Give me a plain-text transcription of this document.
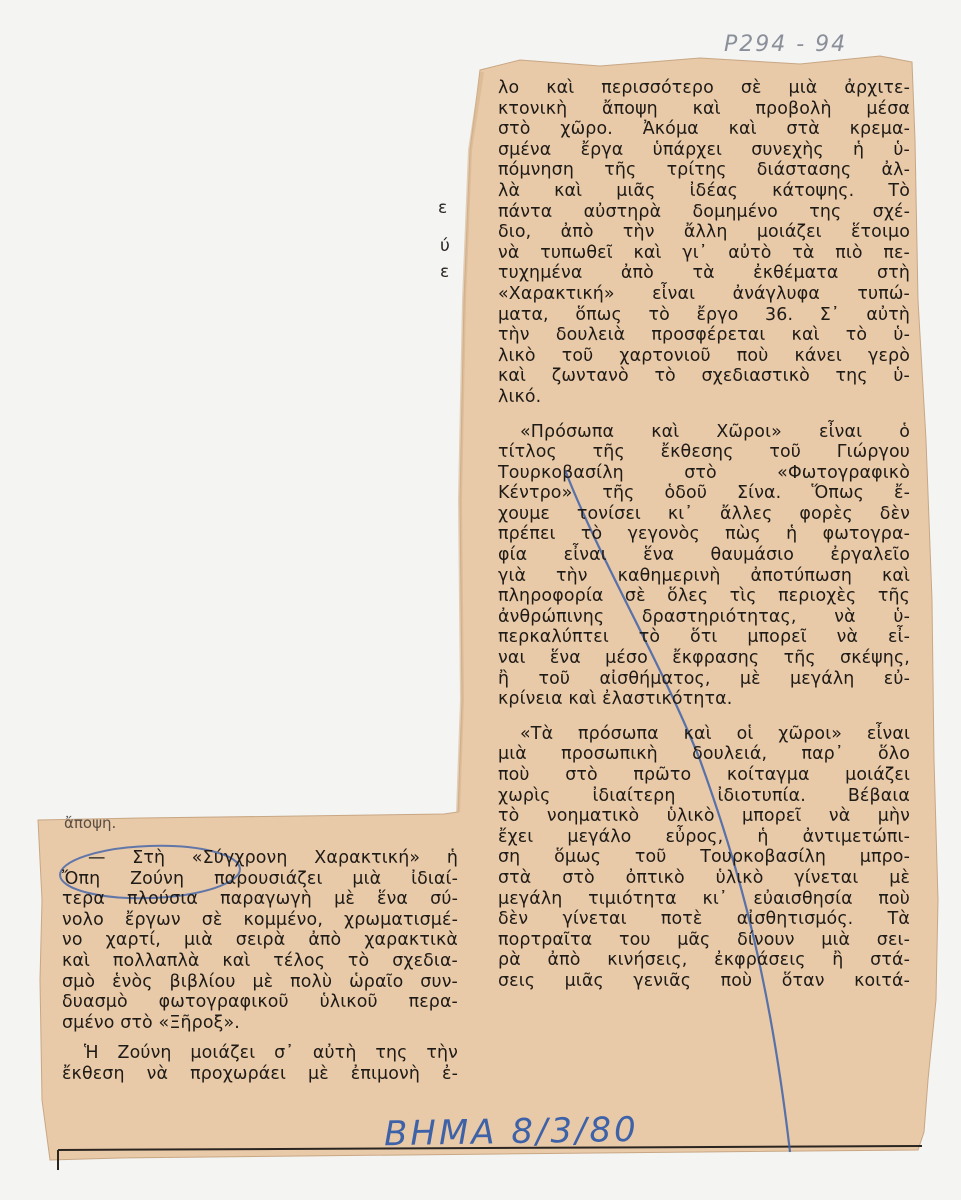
P294 - 94
ε
ύ
ε

λο καὶ περισσότερο σὲ μιὰ ἀρχιτε-

κτονικὴ ἄποψη καὶ προβολὴ μέσα

στὸ χῶρο. Ἀκόμα καὶ στὰ κρεμα-

σμένα ἔργα ὑπάρχει συνεχὴς ἡ ὑ-

πόμνηση τῆς τρίτης διάστασης ἀλ-

λὰ καὶ μιᾶς ἰδέας κάτοψης. Τὸ

πάντα αὐστηρὰ δομημένο της σχέ-

διο, ἀπὸ τὴν ἄλλη μοιάζει ἕτοιμο

νὰ τυπωθεῖ καὶ γι᾽ αὐτὸ τὰ πιὸ πε-

τυχημένα ἀπὸ τὰ ἐκθέματα στὴ

«Χαρακτική» εἶναι ἀνάγλυφα τυπώ-

ματα, ὅπως τὸ ἔργο 36. Σ᾽ αὐτὴ

τὴν δουλειὰ προσφέρεται καὶ τὸ ὑ-

λικὸ τοῦ χαρτονιοῦ ποὺ κάνει γερὸ

καὶ ζωντανὸ τὸ σχεδιαστικὸ της ὑ-

λικό.

«Πρόσωπα καὶ Χῶροι» εἶναι ὁ

τίτλος τῆς ἔκθεσης τοῦ Γιώργου

Τουρκοβασίλη στὸ «Φωτογραφικὸ

Κέντρο» τῆς ὁδοῦ Σίνα. Ὅπως ἔ-

χουμε τονίσει κι᾽ ἄλλες φορὲς δὲν

πρέπει τὸ γεγονὸς πὼς ἡ φωτογρα-

φία εἶναι ἕνα θαυμάσιο ἐργαλεῖο

γιὰ τὴν καθημερινὴ ἀποτύπωση καὶ

πληροφορία σὲ ὅλες τὶς περιοχὲς τῆς

ἀνθρώπινης δραστηριότητας, νὰ ὑ-

περκαλύπτει τὸ ὅτι μπορεῖ νὰ εἶ-

ναι ἕνα μέσο ἔκφρασης τῆς σκέψης,

ἢ τοῦ αἰσθήματος, μὲ μεγάλη εὐ-

κρίνεια καὶ ἐλαστικότητα.

«Τὰ πρόσωπα καὶ οἱ χῶροι» εἶναι

μιὰ προσωπικὴ δουλειά, παρ᾽ ὅλο

ποὺ στὸ πρῶτο κοίταγμα μοιάζει

χωρὶς ἰδιαίτερη ἰδιοτυπία. Βέβαια

τὸ νοηματικὸ ὑλικὸ μπορεῖ νὰ μὴν

ἔχει μεγάλο εὖρος, ἡ ἀντιμετώπι-

ση ὅμως τοῦ Τουρκοβασίλη μπρο-

στὰ στὸ ὀπτικὸ ὑλικὸ γίνεται μὲ

μεγάλη τιμιότητα κι᾽ εὐαισθησία ποὺ

δὲν γίνεται ποτὲ αἰσθητισμός. Τὰ

πορτραῖτα του μᾶς δίνουν μιὰ σει-

ρὰ ἀπὸ κινήσεις, ἐκφράσεις ἢ στά-

σεις μιᾶς γενιᾶς ποὺ ὅταν κοιτά-

ἄποψη.

— Στὴ «Σύγχρονη Χαρακτική» ἡ

Ὄπη Ζούνη παρουσιάζει μιὰ ἰδιαί-

τερα πλούσια παραγωγὴ μὲ ἕνα σύ-

νολο ἔργων σὲ κομμένο, χρωματισμέ-

νο χαρτί, μιὰ σειρὰ ἀπὸ χαρακτικὰ

καὶ πολλαπλὰ καὶ τέλος τὸ σχεδια-

σμὸ ἑνὸς βιβλίου μὲ πολὺ ὡραῖο συν-

δυασμὸ φωτογραφικοῦ ὑλικοῦ περα-

σμένο στὸ «Ξῆροξ».

Ἡ Ζούνη μοιάζει σ᾽ αὐτὴ της τὴν

ἔκθεση νὰ προχωράει μὲ ἐπιμονὴ ἐ-

ΒΗΜΑ 8/3/80
